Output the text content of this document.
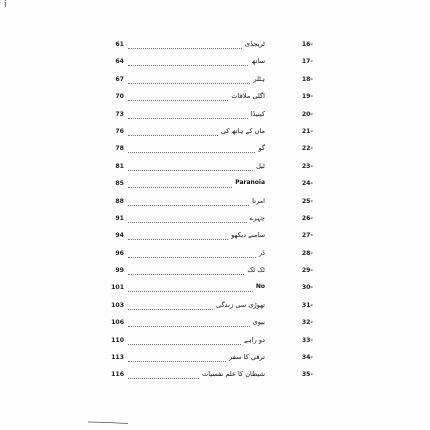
i
61	ٹریجڈی	16-
64	ساتھ	17-
67	ہٹلر	18-
70	اگلی ملاقات	19-
73	کینیڈا	20-
76	ماں کے ہاتھ کی	21-
78	گو	22-
81	ٹیل	23-
85	Paranoia	24-
88	امرتا	25-
91	چہرے	26-
94	سامنے دیکھو	27-
96	ڈر	28-
99	ٹک ٹک	29-
101	No	30-
103	تھوڑی سی زندگی	31-
106	بیوی	32-
110	دو راہے	33-
113	ترقی کا سفر	34-
116	شیطان کا علم نفسیات	35-
